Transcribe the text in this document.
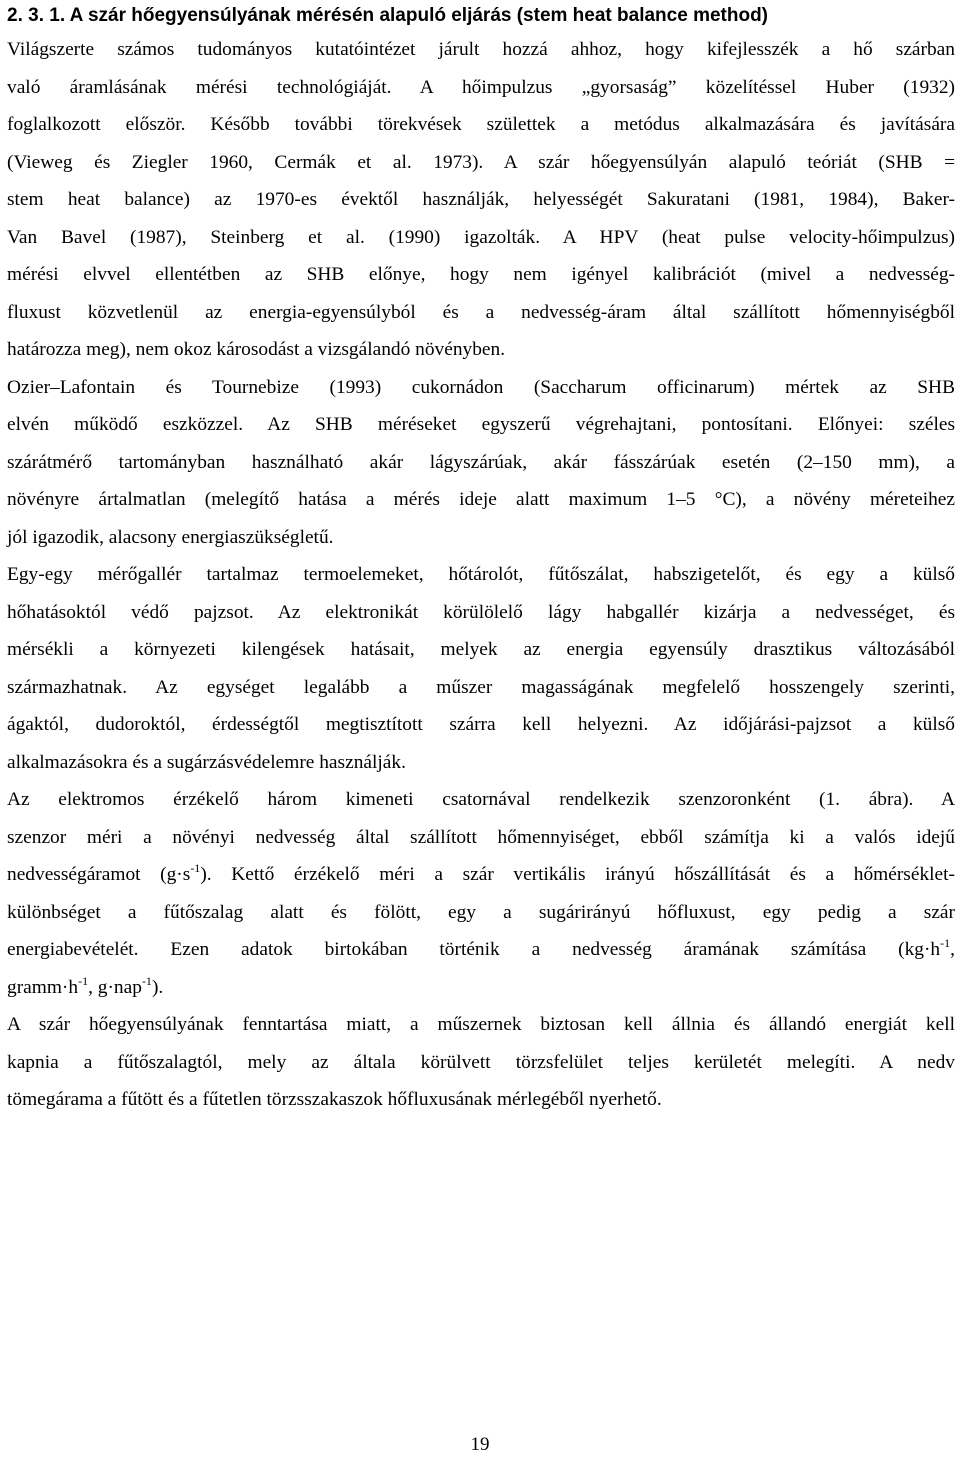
2. 3. 1. A szár hőegyensúlyának mérésén alapuló eljárás (stem heat balance method)
Világszerte számos tudományos kutatóintézet járult hozzá ahhoz, hogy kifejlesszék a hő szárban
való áramlásának mérési technológiáját. A hőimpulzus „gyorsaság” közelítéssel Huber (1932)
foglalkozott először. Később további törekvések születtek a metódus alkalmazására és javítására
(Vieweg és Ziegler 1960, Cermák et al. 1973). A szár hőegyensúlyán alapuló teóriát (SHB =
stem heat balance) az 1970-es évektől használják, helyességét Sakuratani (1981, 1984), Baker-
Van Bavel (1987), Steinberg et al. (1990) igazolták. A HPV (heat pulse velocity-hőimpulzus)
mérési elvvel ellentétben az SHB előnye, hogy nem igényel kalibrációt (mivel a nedvesség-
fluxust közvetlenül az energia-egyensúlyból és a nedvesség-áram által szállított hőmennyiségből
határozza meg), nem okoz károsodást a vizsgálandó növényben.
Ozier–Lafontain és Tournebize (1993) cukornádon (Saccharum officinarum) mértek az SHB
elvén működő eszközzel. Az SHB méréseket egyszerű végrehajtani, pontosítani. Előnyei: széles
szárátmérő tartományban használható akár lágyszárúak, akár fásszárúak esetén (2–150 mm), a
növényre ártalmatlan (melegítő hatása a mérés ideje alatt maximum 1–5 °C), a növény méreteihez
jól igazodik, alacsony energiaszükségletű.
Egy-egy mérőgallér tartalmaz termoelemeket, hőtárolót, fűtőszálat, habszigetelőt, és egy a külső
hőhatásoktól védő pajzsot. Az elektronikát körülölelő lágy habgallér kizárja a nedvességet, és
mérsékli a környezeti kilengések hatásait, melyek az energia egyensúly drasztikus változásából
származhatnak. Az egységet legalább a műszer magasságának megfelelő hosszengely szerinti,
ágaktól, dudoroktól, érdességtől megtisztított szárra kell helyezni. Az időjárási-pajzsot a külső
alkalmazásokra és a sugárzásvédelemre használják.
Az elektromos érzékelő három kimeneti csatornával rendelkezik szenzoronként (1. ábra). A
szenzor méri a növényi nedvesség által szállított hőmennyiséget, ebből számítja ki a valós idejű
nedvességáramot $(g\cdot s^{-1})$. Kettő érzékelő méri a szár vertikális irányú hőszállítását és a hőmérséklet-
különbséget a fűtőszalag alatt és fölött, egy a sugárirányú hőfluxust, egy pedig a szár
energiabevételét. Ezen adatok birtokában történik a nedvesség áramának számítása ($kg\cdot h^{-1}$,
$gramm\cdot h^{-1}$, g·nap$^{-1}$).
A szár hőegyensúlyának fenntartása miatt, a műszernek biztosan kell állnia és állandó energiát kell
kapnia a fűtőszalagtól, mely az általa körülvett törzsfelület teljes kerületét melegíti. A nedv
tömegárama a fűtött és a fűtetlen törzsszakaszok hőfluxusának mérlegéből nyerhető.
19
